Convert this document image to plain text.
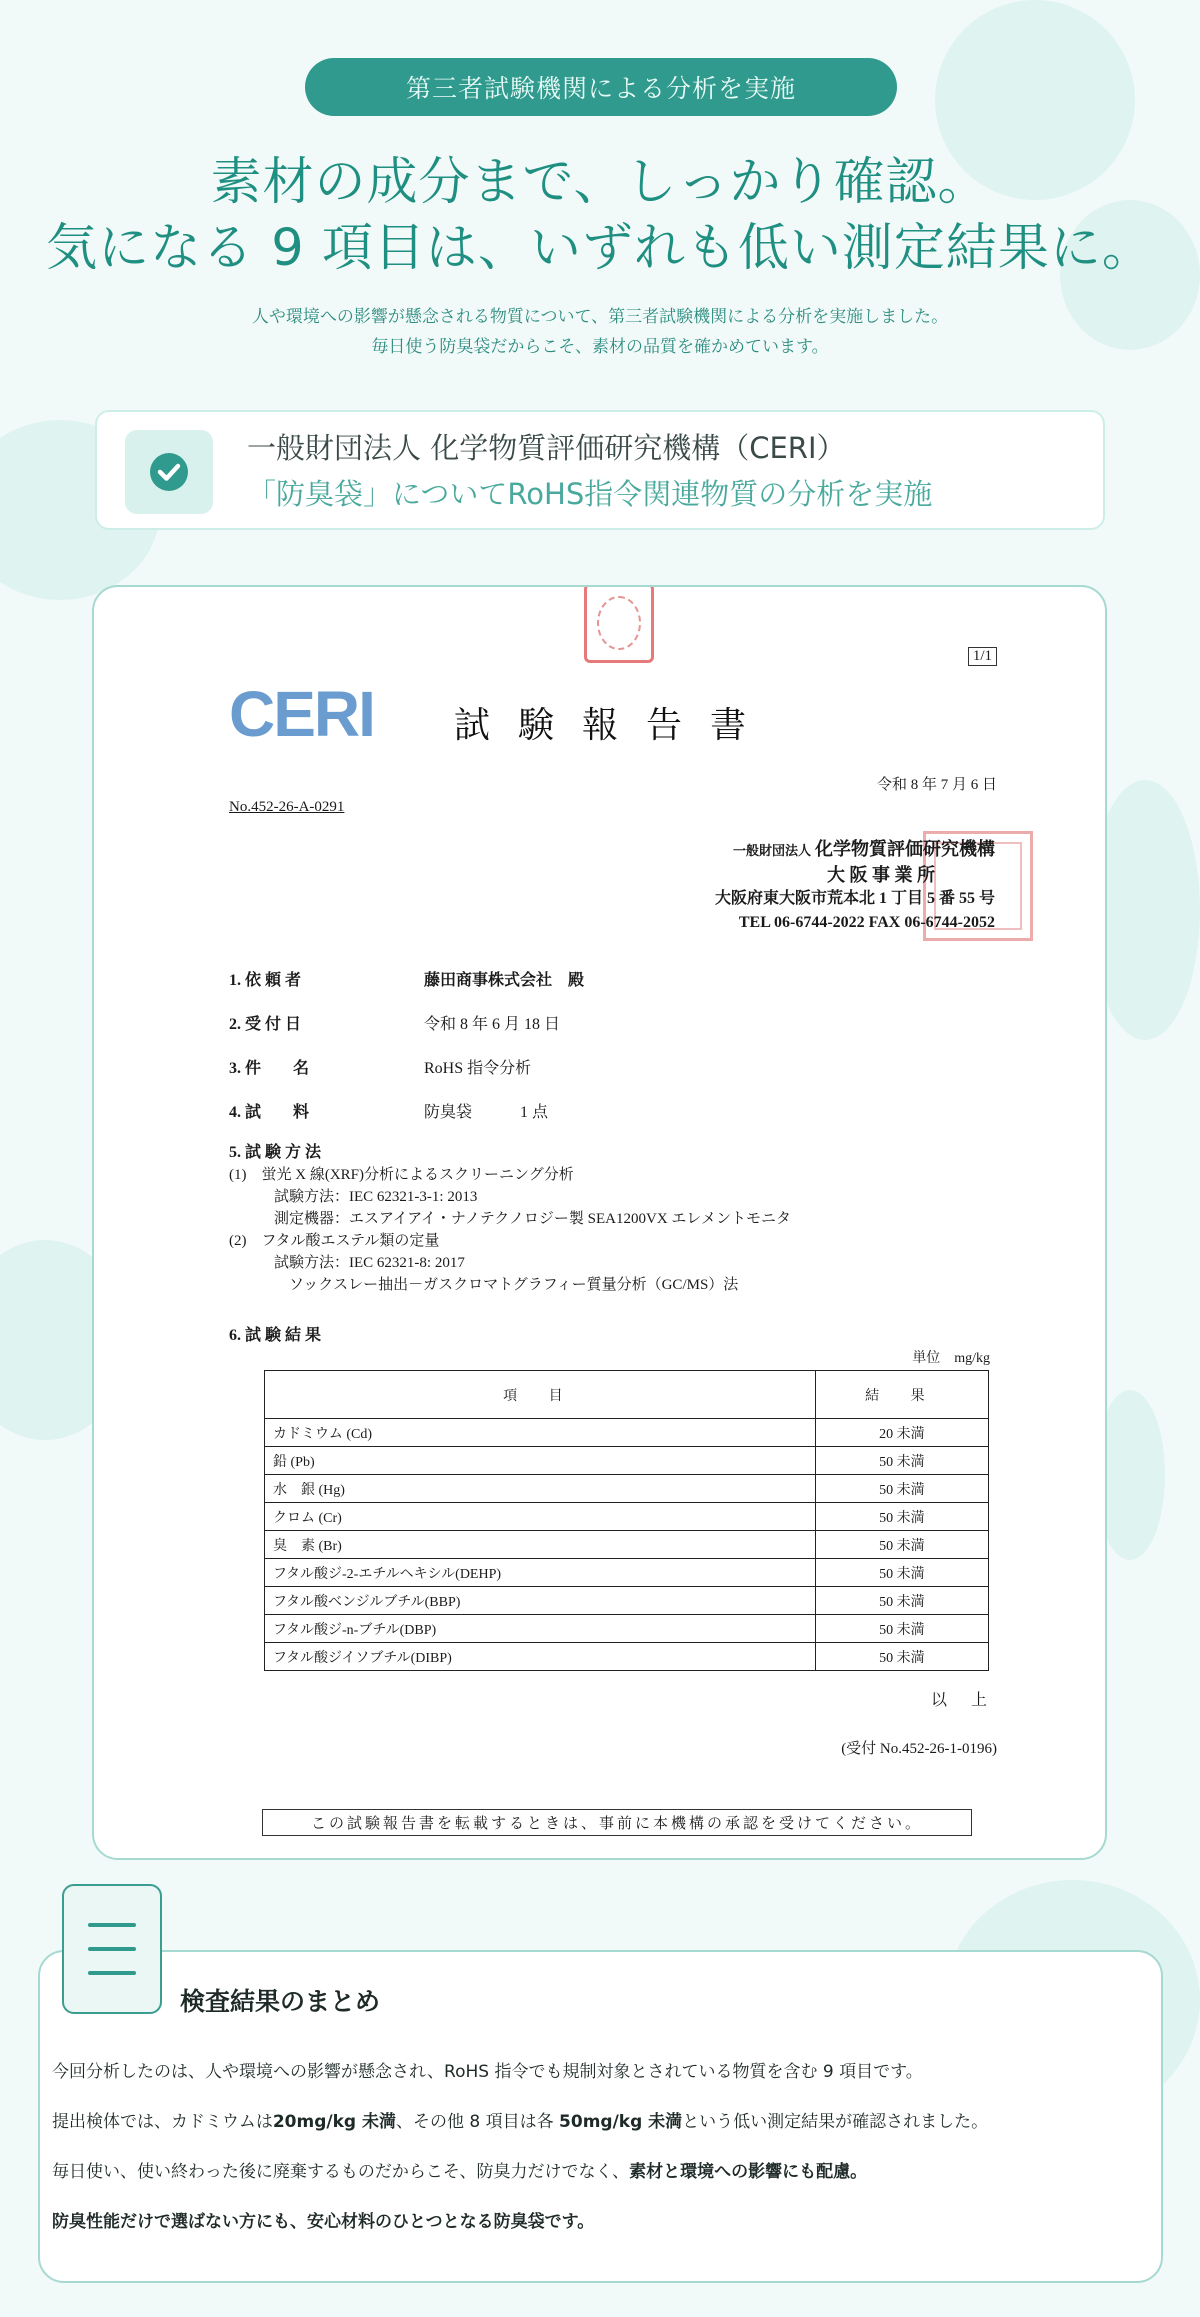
第三者試験機関による分析を実施
素材の成分まで、しっかり確認。
気になる 9 項目は、いずれも低い測定結果に。
人や環境への影響が懸念される物質について、第三者試験機関による分析を実施しました。
毎日使う防臭袋だからこそ、素材の品質を確かめています。
一般財団法人 化学物質評価研究機構（CERI）
「防臭袋」についてRoHS指令関連物質の分析を実施
1/1
CERI 試験報告書
令和 8 年 7 月 6 日
No.452-26-A-0291
一般財団法人 化学物質評価研究機構
大 阪 事 業 所
大阪府東大阪市荒本北 1 丁目 5 番 55 号
TEL 06-6744-2022 FAX 06-6744-2052
1. 依 頼 者	藤田商事株式会社　殿
2. 受 付 日	令和 8 年 6 月 18 日
3. 件　　名	RoHS 指令分析
4. 試　　料	防臭袋　　　1 点
5. 試 験 方 法
(1)　蛍光 X 線(XRF)分析によるスクリーニング分析
　　　試験方法：IEC 62321-3-1: 2013
　　　測定機器：エスアイアイ・ナノテクノロジー製 SEA1200VX エレメントモニタ
(2)　フタル酸エステル類の定量
　　　試験方法：IEC 62321-8: 2017
　　　　ソックスレー抽出－ガスクロマトグラフィー質量分析（GC/MS）法
6. 試 験 結 果
単位　mg/kg
項 目	結 果
カドミウム (Cd)	20 未満
鉛 (Pb)	50 未満
水　銀 (Hg)	50 未満
クロム (Cr)	50 未満
臭　素 (Br)	50 未満
フタル酸ジ-2-エチルヘキシル(DEHP)	50 未満
フタル酸ベンジルブチル(BBP)	50 未満
フタル酸ジ-n-ブチル(DBP)	50 未満
フタル酸ジイソブチル(DIBP)	50 未満
以 上
(受付 No.452-26-1-0196)
この試験報告書を転載するときは、事前に本機構の承認を受けてください。
検査結果のまとめ
今回分析したのは、人や環境への影響が懸念され、RoHS 指令でも規制対象とされている物質を含む 9 項目です。
提出検体では、カドミウムは20mg/kg 未満、その他 8 項目は各 50mg/kg 未満という低い測定結果が確認されました。
毎日使い、使い終わった後に廃棄するものだからこそ、防臭力だけでなく、素材と環境への影響にも配慮。
防臭性能だけで選ばない方にも、安心材料のひとつとなる防臭袋です。
